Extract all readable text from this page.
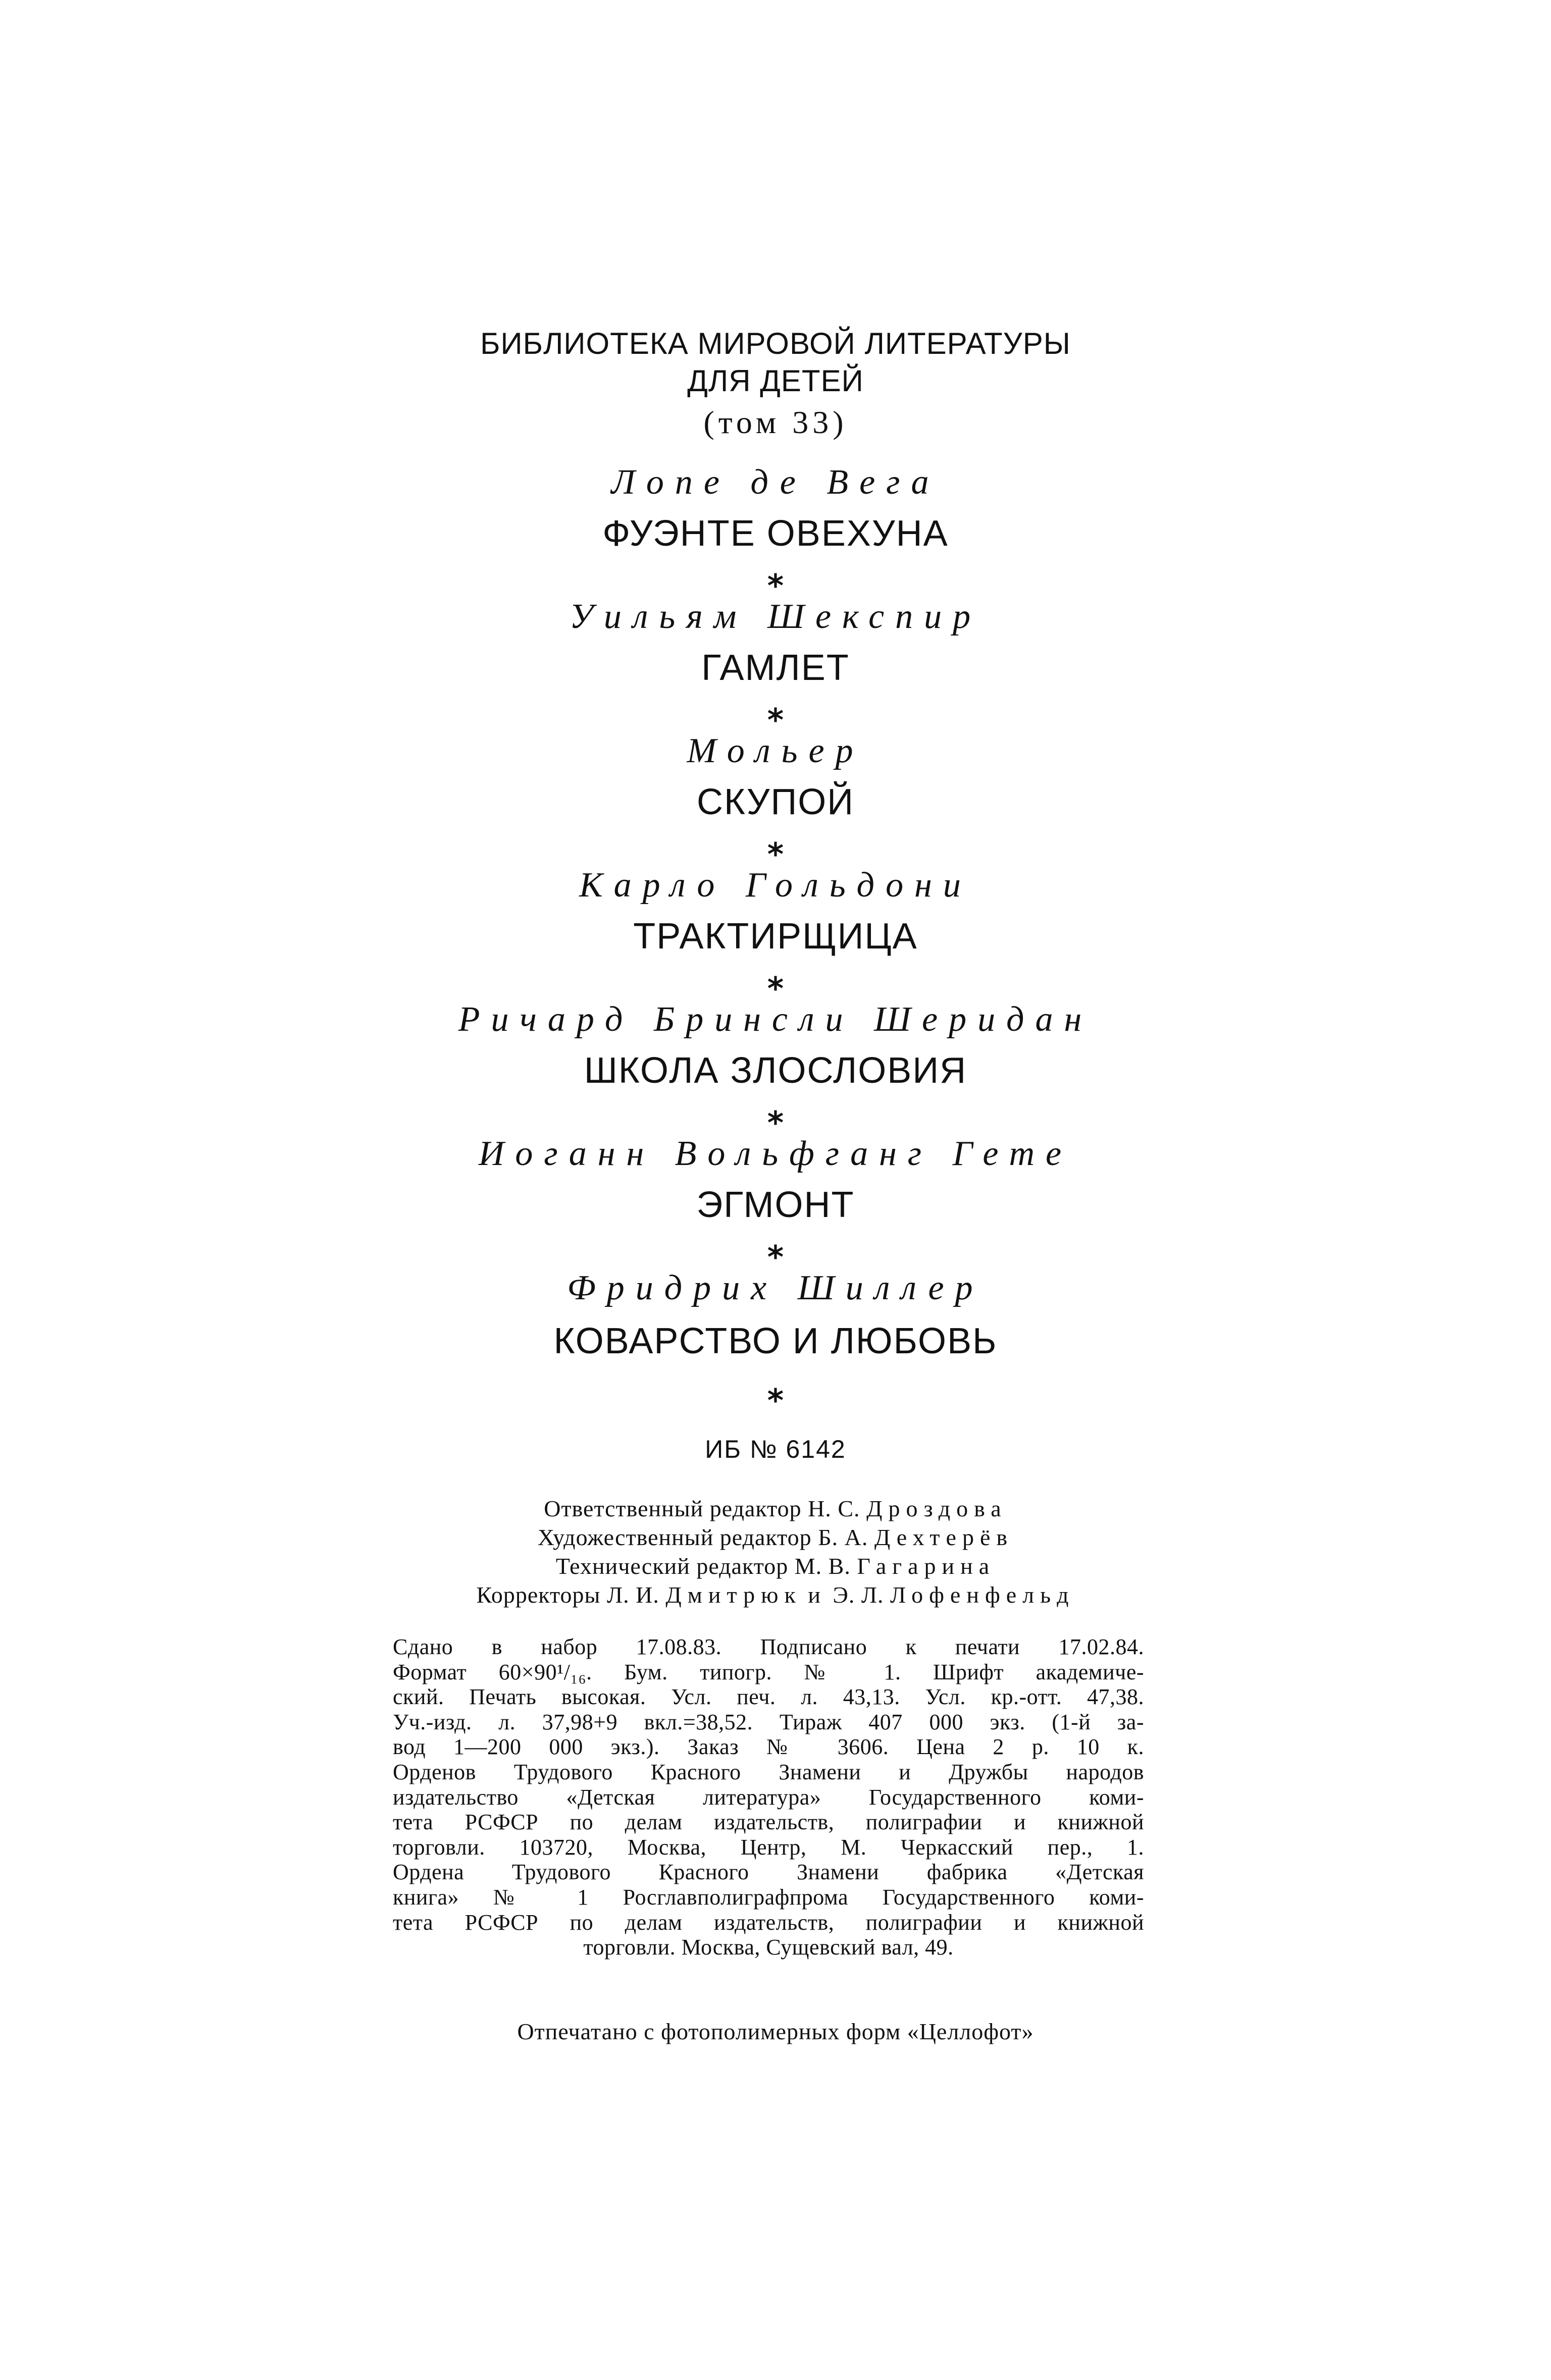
БИБЛИОТЕКА МИРОВОЙ ЛИТЕРАТУРЫ

ДЛЯ ДЕТЕЙ

(том 33)

Лопе де Вега

ФУЭНТЕ ОВЕХУНА

*

Уильям Шекспир

ГАМЛЕТ

*

Мольер

СКУПОЙ

*

Карло Гольдони

ТРАКТИРЩИЦА

*

Ричард Бринсли Шеридан

ШКОЛА ЗЛОСЛОВИЯ

*

Иоганн Вольфганг Гете

ЭГМОНТ

*

Фридрих Шиллер

КОВАРСТВО И ЛЮБОВЬ

*

ИБ № 6142

Ответственный редактор Н. С. Дроздова
Художественный редактор Б. А. Дехтерёв
Технический редактор М. В. Гагарина
Корректоры Л. И. Дмитрюк и Э. Л. Лофенфельд
Сдано в набор 17.08.83. Подписано к печати 17.02.84.
Формат 60×90¹/₁₆. Бум. типогр. № 1. Шрифт академиче-
ский. Печать высокая. Усл. печ. л. 43,13. Усл. кр.-отт. 47,38.
Уч.-изд. л. 37,98+9 вкл.=38,52. Тираж 407 000 экз. (1-й за-
вод 1—200 000 экз.). Заказ № 3606. Цена 2 р. 10 к.
Орденов Трудового Красного Знамени и Дружбы народов
издательство «Детская литература» Государственного коми-
тета РСФСР по делам издательств, полиграфии и книжной
торговли. 103720, Москва, Центр, М. Черкасский пер., 1.
Ордена Трудового Красного Знамени фабрика «Детская
книга» № 1 Росглавполиграфпрома Государственного коми-
тета РСФСР по делам издательств, полиграфии и книжной
торговли. Москва, Сущевский вал, 49.

Отпечатано с фотополимерных форм «Целлофот»
